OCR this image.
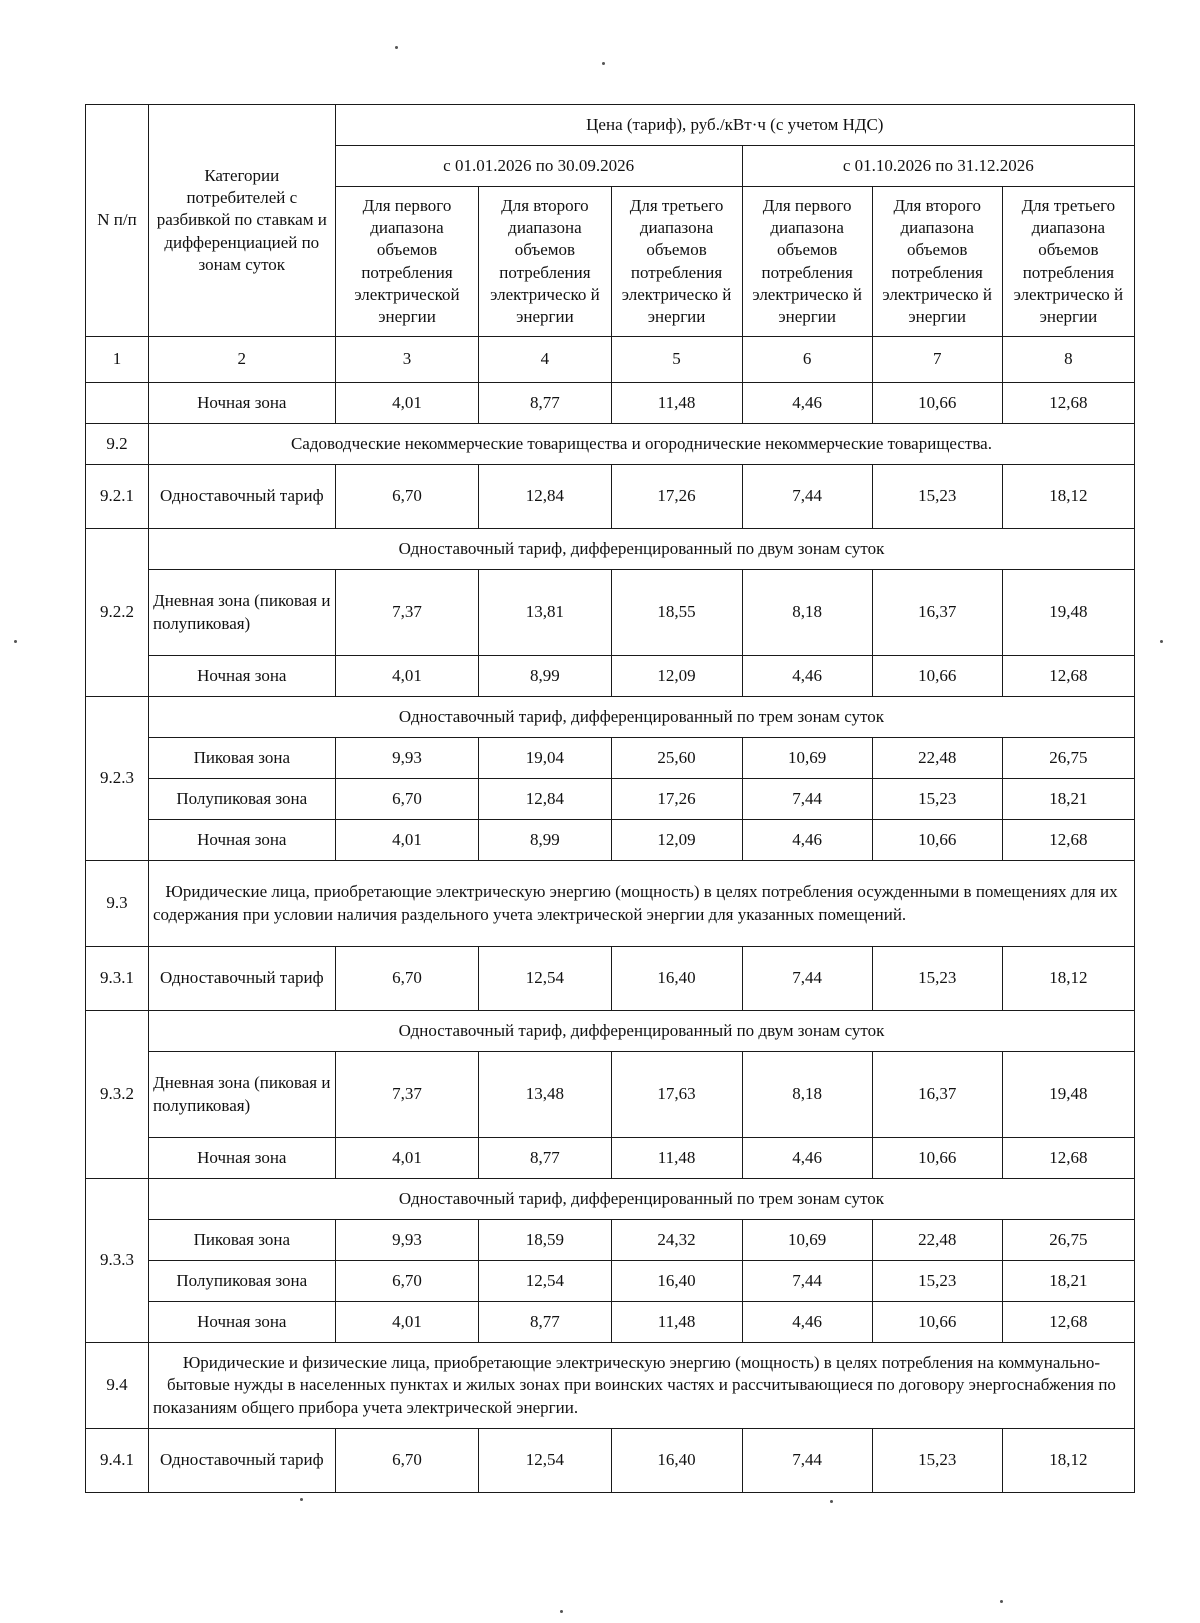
N п/п	Категории потребителей с разбивкой по ставкам и дифференциацией по зонам суток	Цена (тариф), руб./кВт·ч (с учетом НДС)					
		с 01.01.2026 по 30.09.2026			с 01.10.2026 по 31.12.2026		
		Для первого диапазона объемов потребления электрической энергии	Для второго диапазона объемов потребления электрическо й энергии	Для третьего диапазона объемов потребления электрическо й энергии	Для первого диапазона объемов потребления электрическо й энергии	Для второго диапазона объемов потребления электрическо й энергии	Для третьего диапазона объемов потребления электрическо й энергии
1	2	3	4	5	6	7	8
	Ночная зона	4,01	8,77	11,48	4,46	10,66	12,68
9.2	Садоводческие некоммерческие товарищества и огороднические некоммерческие товарищества.						
9.2.1	Одноставочный тариф	6,70	12,84	17,26	7,44	15,23	18,12
9.2.2	Одноставочный тариф, дифференцированный по двум зонам суток						
	Дневная зона (пиковая и полупиковая)	7,37	13,81	18,55	8,18	16,37	19,48
	Ночная зона	4,01	8,99	12,09	4,46	10,66	12,68
9.2.3	Одноставочный тариф, дифференцированный по трем зонам суток						
	Пиковая зона	9,93	19,04	25,60	10,69	22,48	26,75
	Полупиковая зона	6,70	12,84	17,26	7,44	15,23	18,21
	Ночная зона	4,01	8,99	12,09	4,46	10,66	12,68
9.3	Юридические лица, приобретающие электрическую энергию (мощность) в целях потребления осужденными в помещениях для их содержания при условии наличия раздельного учета электрической энергии для указанных помещений.						
9.3.1	Одноставочный тариф	6,70	12,54	16,40	7,44	15,23	18,12
9.3.2	Одноставочный тариф, дифференцированный по двум зонам суток						
	Дневная зона (пиковая и полупиковая)	7,37	13,48	17,63	8,18	16,37	19,48
	Ночная зона	4,01	8,77	11,48	4,46	10,66	12,68
9.3.3	Одноставочный тариф, дифференцированный по трем зонам суток						
	Пиковая зона	9,93	18,59	24,32	10,69	22,48	26,75
	Полупиковая зона	6,70	12,54	16,40	7,44	15,23	18,21
	Ночная зона	4,01	8,77	11,48	4,46	10,66	12,68
9.4	Юридические и физические лица, приобретающие электрическую энергию (мощность) в целях потребления на коммунально-бытовые нужды в населенных пунктах и жилых зонах при воинских частях и рассчитывающиеся по договору энергоснабжения по показаниям общего прибора учета электрической энергии.						
9.4.1	Одноставочный тариф	6,70	12,54	16,40	7,44	15,23	18,12
